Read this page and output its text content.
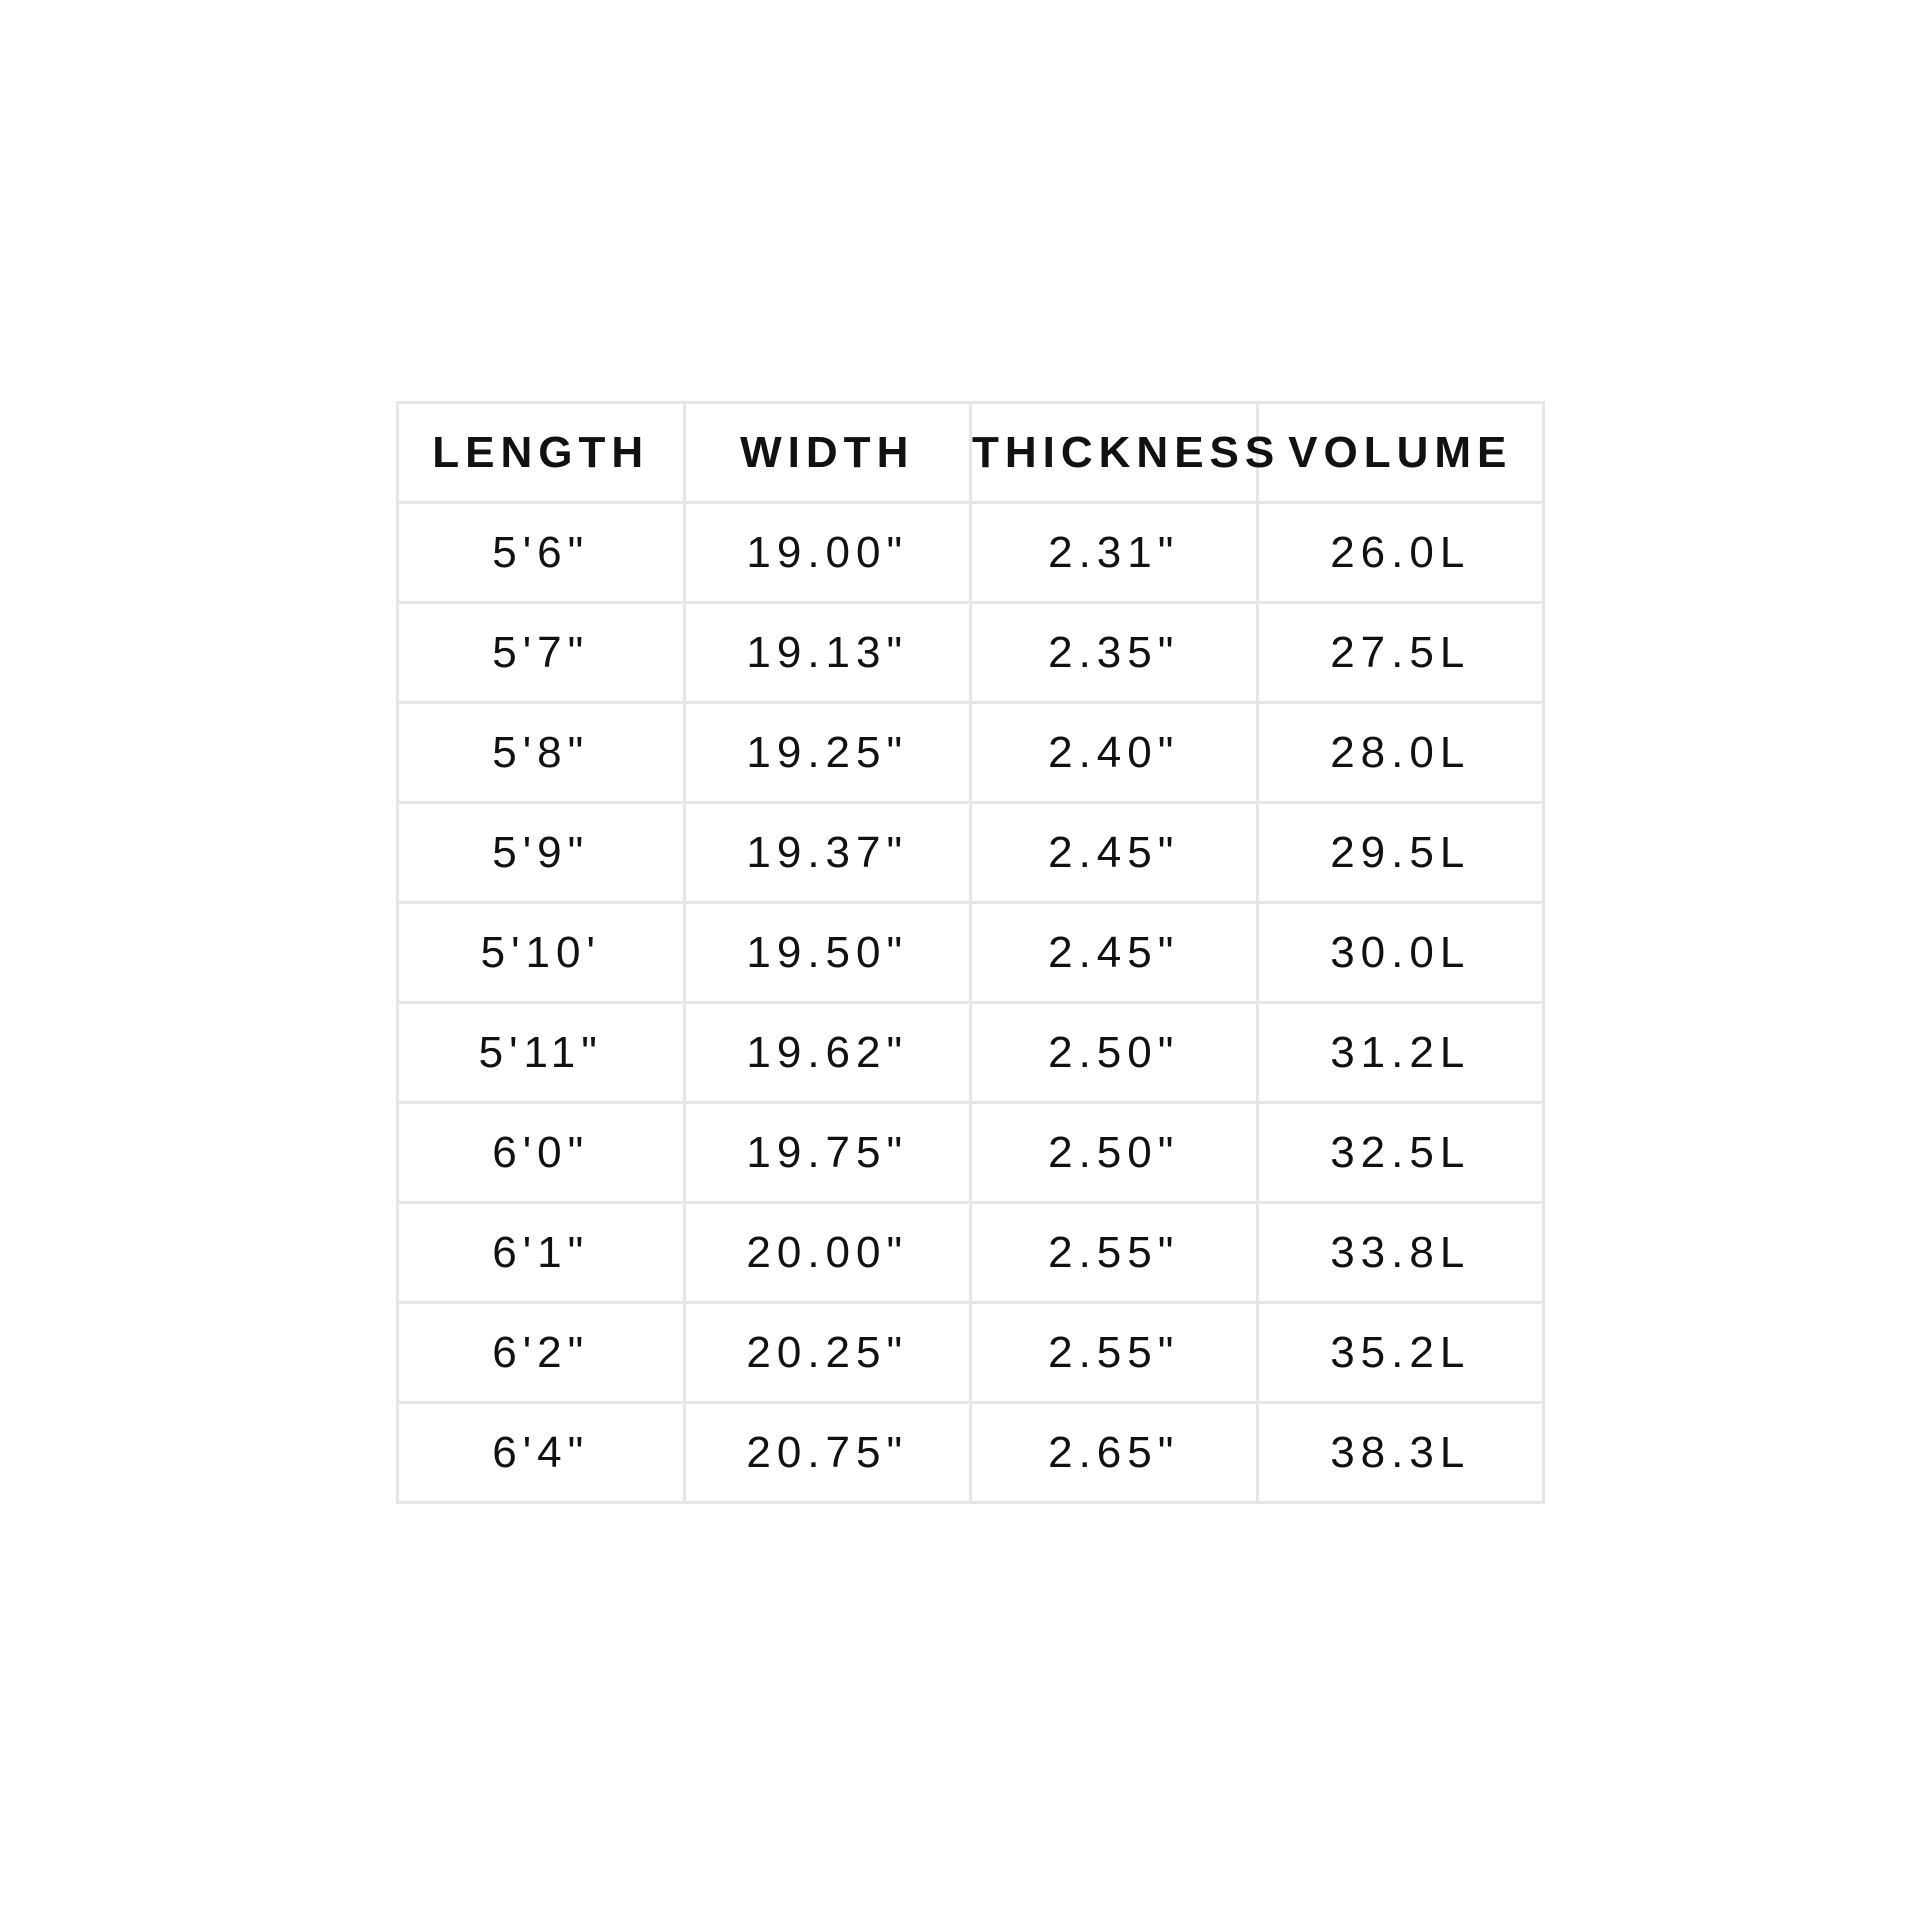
LENGTH	WIDTH	THICKNESS	VOLUME
5'6"	19.00"	2.31"	26.0L
5'7"	19.13"	2.35"	27.5L
5'8"	19.25"	2.40"	28.0L
5'9"	19.37"	2.45"	29.5L
5'10'	19.50"	2.45"	30.0L
5'11"	19.62"	2.50"	31.2L
6'0"	19.75"	2.50"	32.5L
6'1"	20.00"	2.55"	33.8L
6'2"	20.25"	2.55"	35.2L
6'4"	20.75"	2.65"	38.3L
